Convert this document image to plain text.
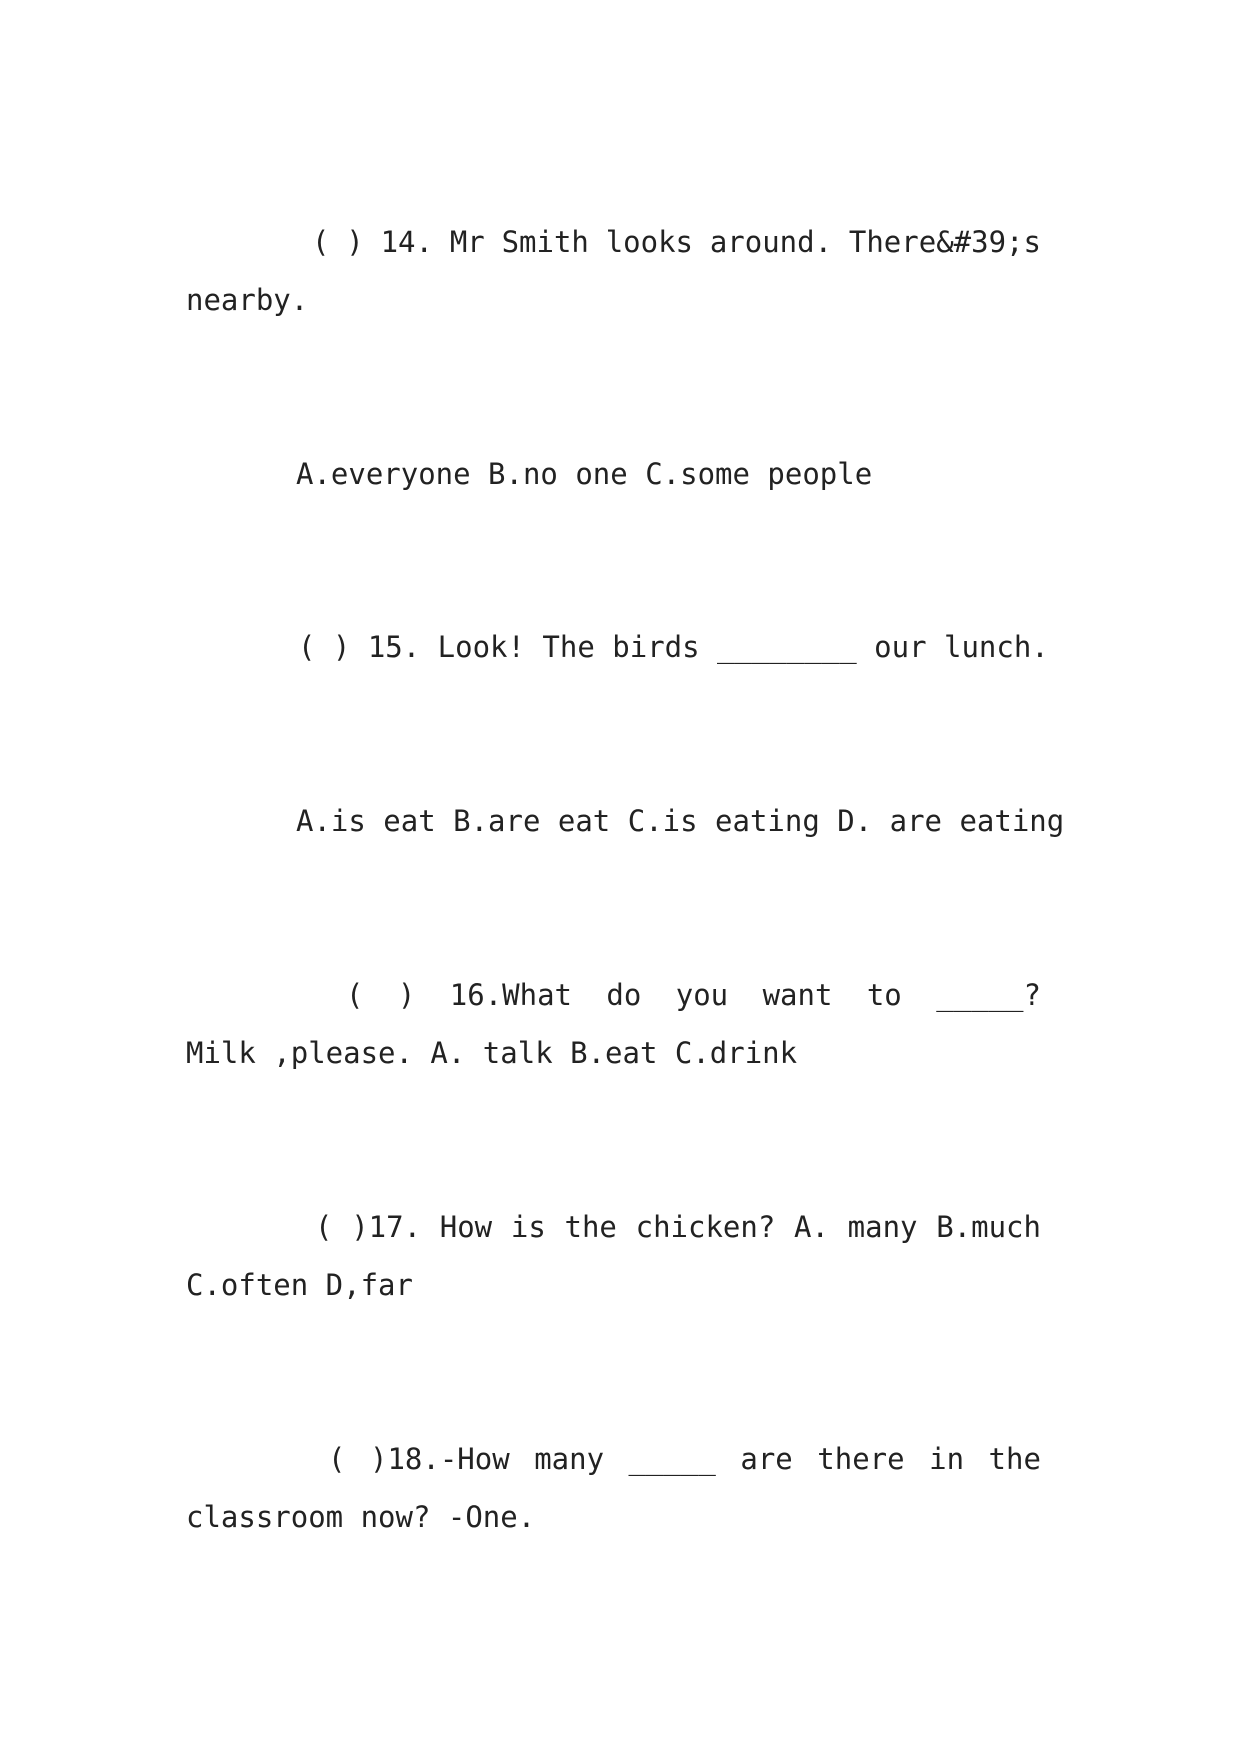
( ) 14. Mr Smith looks around. There&#39;s
nearby.
A.everyone B.no one C.some people
( ) 15. Look! The birds ________ our lunch.
A.is eat B.are eat C.is eating D. are eating
( ) 16.What do you want to _____?
Milk ,please. A. talk B.eat C.drink
( )17. How is the chicken? A. many B.much
C.often D,far
( )18.-How many _____ are there in the
classroom now? -One.
